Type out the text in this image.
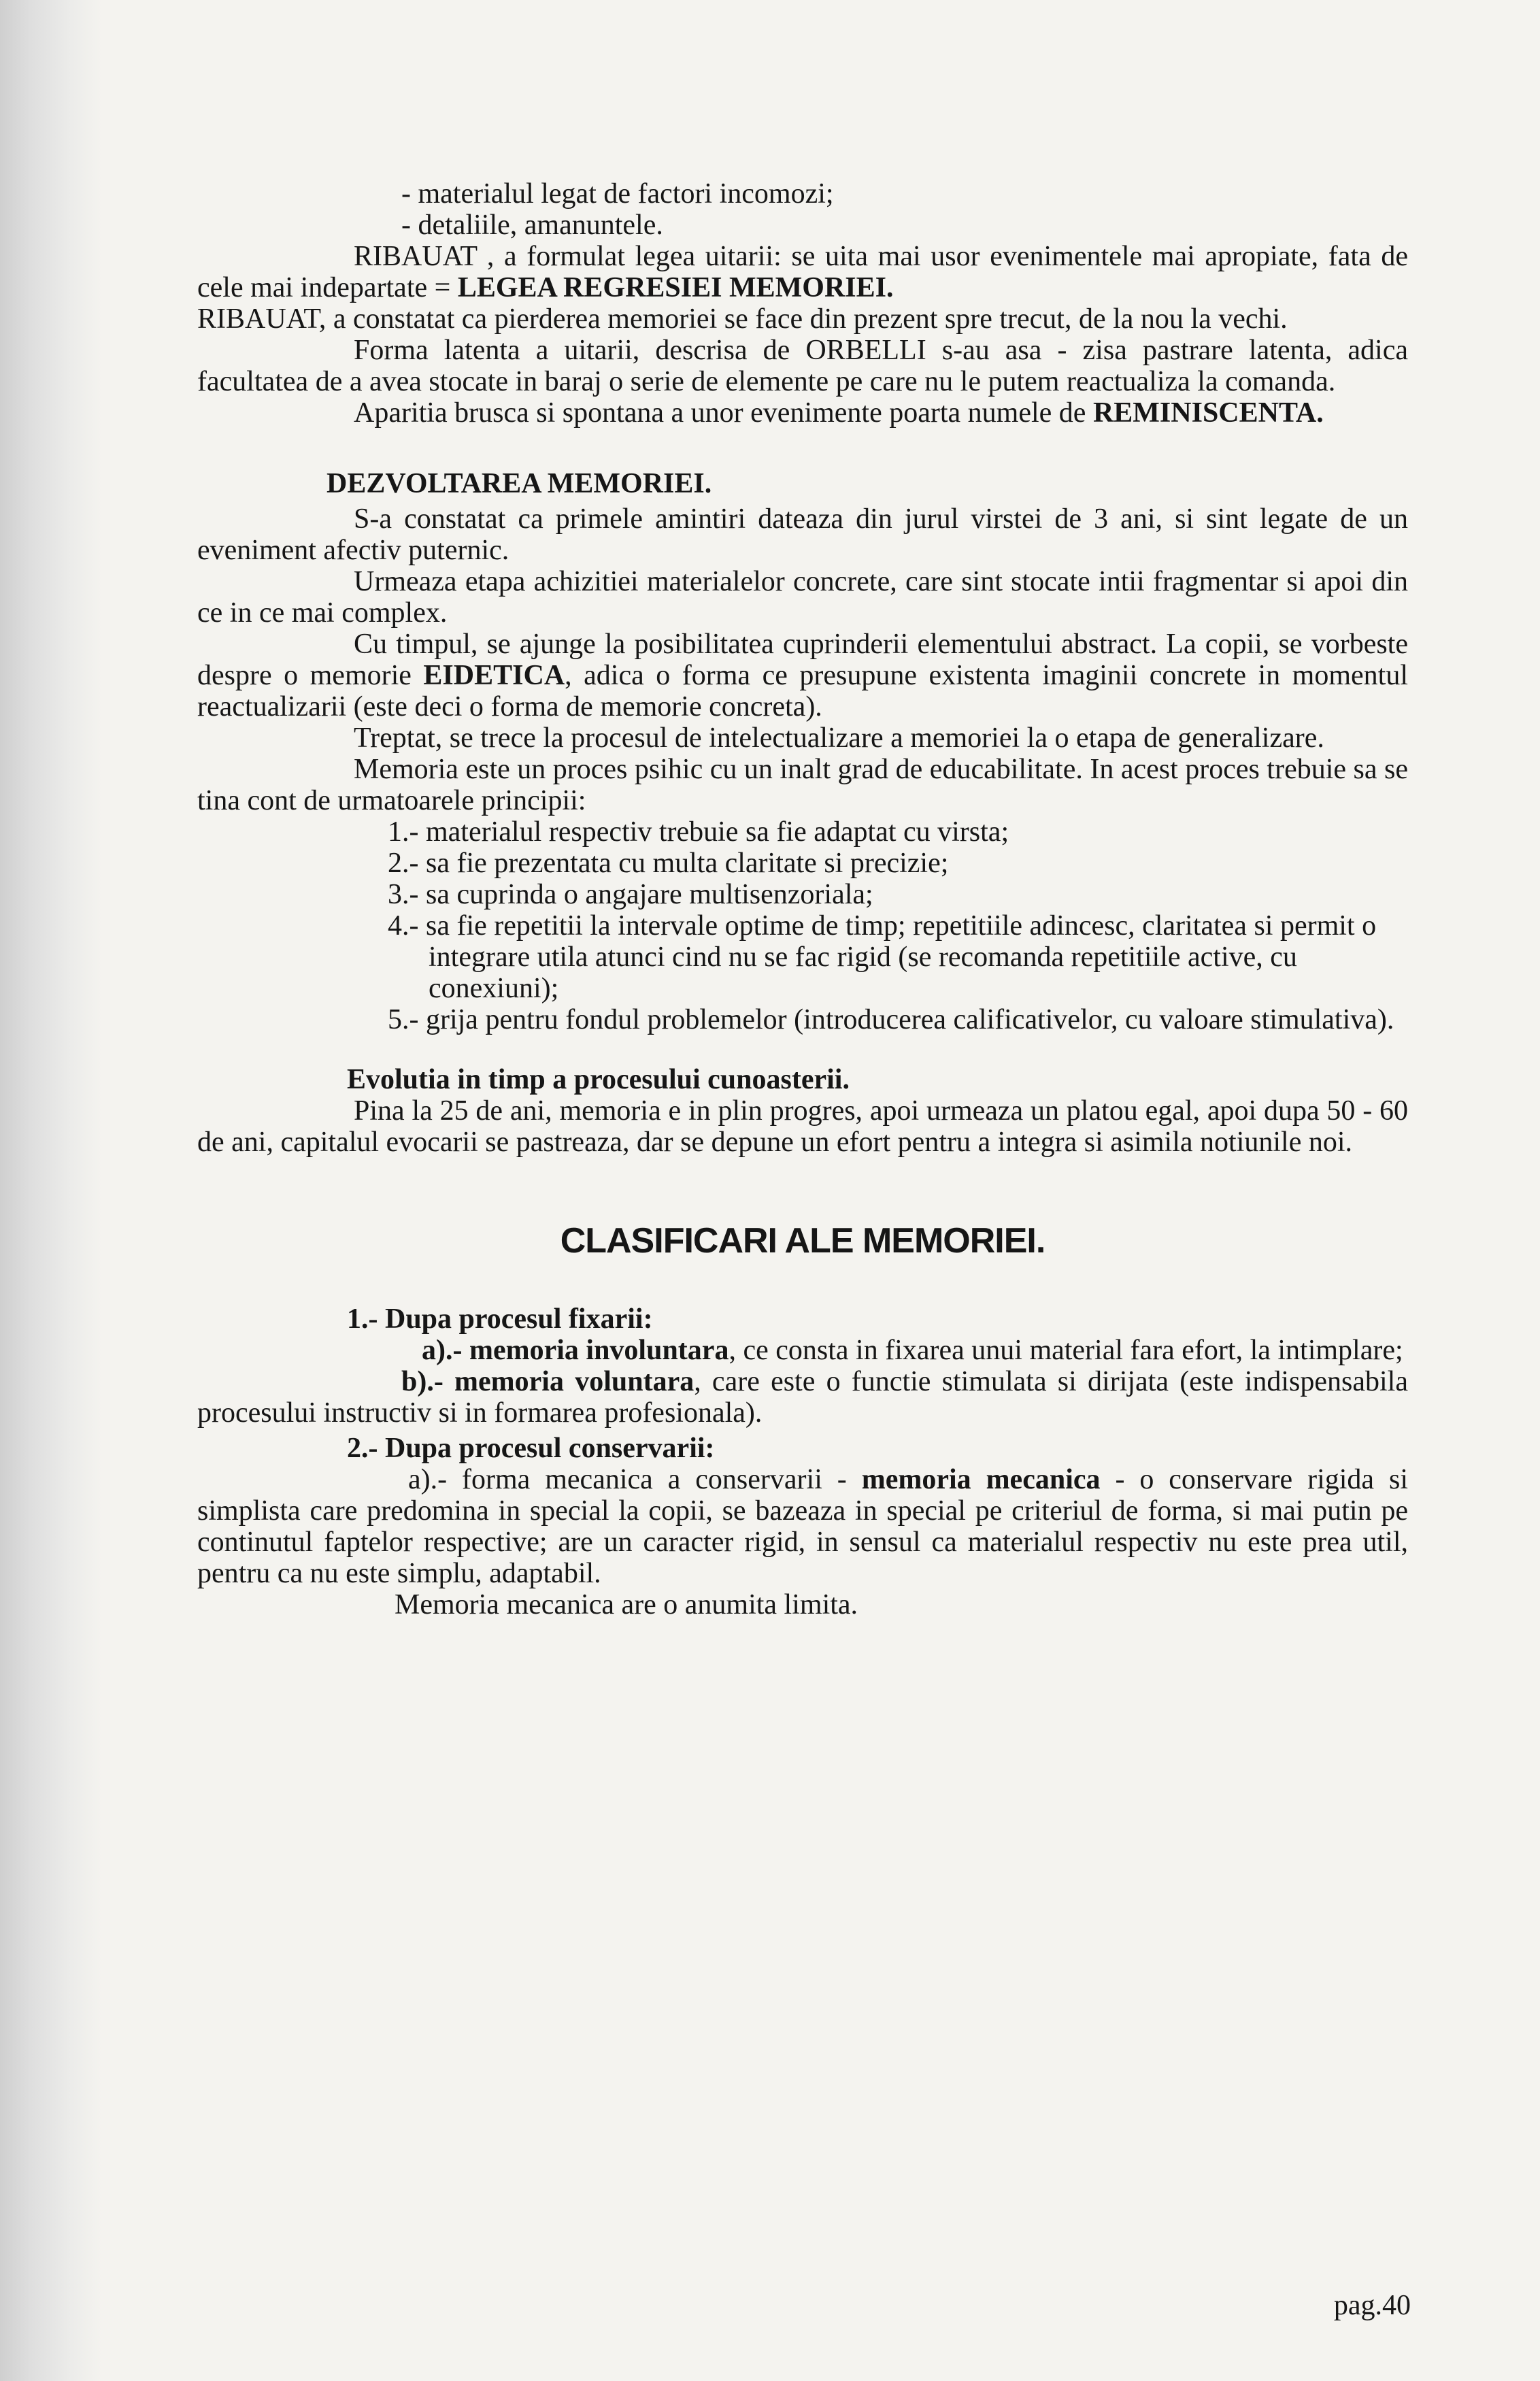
- materialul legat de factori incomozi;
- detaliile, amanuntele.

RIBAUAT , a formulat legea uitarii: se uita mai usor evenimentele mai apropiate, fata de cele mai indepartate = LEGEA REGRESIEI MEMORIEI.

RIBAUAT, a constatat ca pierderea memoriei se face din prezent spre trecut, de la nou la vechi.

Forma latenta a uitarii, descrisa de ORBELLI s-au asa - zisa pastrare latenta, adica facultatea de a avea stocate in baraj o serie de elemente pe care nu le putem reactualiza la comanda.

Aparitia brusca si spontana a unor evenimente poarta numele de REMINISCENTA.

DEZVOLTAREA MEMORIEI.

S-a constatat ca primele amintiri dateaza din jurul virstei de 3 ani, si sint legate de un eveniment afectiv puternic.

Urmeaza etapa achizitiei materialelor concrete, care sint stocate intii fragmentar si apoi din ce in ce mai complex.

Cu timpul, se ajunge la posibilitatea cuprinderii elementului abstract. La copii, se vorbeste despre o memorie EIDETICA, adica o forma ce presupune existenta imaginii concrete in momentul reactualizarii (este deci o forma de memorie concreta).

Treptat, se trece la procesul de intelectualizare a memoriei la o etapa de generalizare.

Memoria este un proces psihic cu un inalt grad de educabilitate. In acest proces trebuie sa se tina cont de urmatoarele principii:

1.- materialul respectiv trebuie sa fie adaptat cu virsta;
2.- sa fie prezentata cu multa claritate si precizie;
3.- sa cuprinda o angajare multisenzoriala;
4.- sa fie repetitii la intervale optime de timp; repetitiile adincesc, claritatea si permit o integrare utila atunci cind nu se fac rigid (se recomanda repetitiile active, cu conexiuni);
5.- grija pentru fondul problemelor (introducerea calificativelor, cu valoare stimulativa).
Evolutia in timp a procesului cunoasterii.

Pina la 25 de ani, memoria e in plin progres, apoi urmeaza un platou egal, apoi dupa 50 - 60 de ani, capitalul evocarii se pastreaza, dar se depune un efort pentru a integra si asimila notiunile noi.

CLASIFICARI ALE MEMORIEI.
1.- Dupa procesul fixarii:

a).- memoria involuntara, ce consta in fixarea unui material fara efort, la intimplare;

b).- memoria voluntara, care este o functie stimulata si dirijata (este indispensabila procesului instructiv si in formarea profesionala).

2.- Dupa procesul conservarii:

a).- forma mecanica a conservarii - memoria mecanica - o conservare rigida si simplista care predomina in special la copii, se bazeaza in special pe criteriul de forma, si mai putin pe continutul faptelor respective; are un caracter rigid, in sensul ca materialul respectiv nu este prea util, pentru ca nu este simplu, adaptabil.

Memoria mecanica are o anumita limita.

pag.40
